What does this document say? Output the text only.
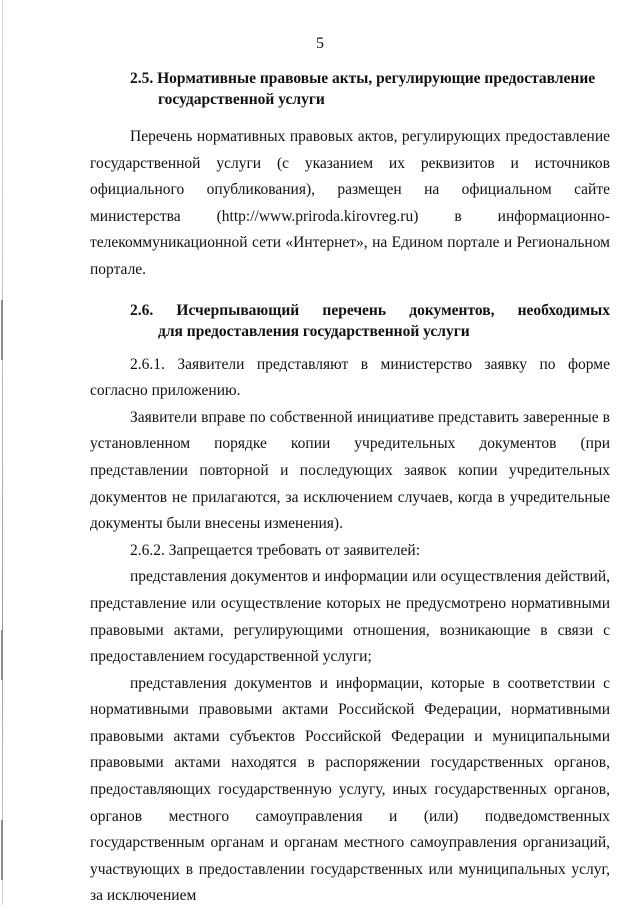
5
2.5. Нормативные правовые акты, регулирующие предоставление
государственной услуги

Перечень нормативных правовых актов, регулирующих предоставление государственной услуги (с указанием их реквизитов и источников официального опубликования), размещен на официальном сайте министерства (http://www.priroda.kirovreg.ru) в информационно-телекоммуникационной сети «Интернет», на Едином портале и Региональном портале.

2.6. Исчерпывающий перечень документов, необходимых
для предоставления государственной услуги

2.6.1. Заявители представляют в министерство заявку по форме согласно приложению.

Заявители вправе по собственной инициативе представить заверенные в установленном порядке копии учредительных документов (при представлении повторной и последующих заявок копии учредительных документов не прилагаются, за исключением случаев, когда в учредительные документы были внесены изменения).

2.6.2. Запрещается требовать от заявителей:

представления документов и информации или осуществления действий, представление или осуществление которых не предусмотрено нормативными правовыми актами, регулирующими отношения, возникающие в связи с предоставлением государственной услуги;

представления документов и информации, которые в соответствии с нормативными правовыми актами Российской Федерации, нормативными правовыми актами субъектов Российской Федерации и муниципальными правовыми актами находятся в распоряжении государственных органов, предоставляющих государственную услугу, иных государственных органов, органов местного самоуправления и (или) подведомственных государственным органам и органам местного самоуправления организаций, участвующих в предоставлении государственных или муниципальных услуг, за исключением
